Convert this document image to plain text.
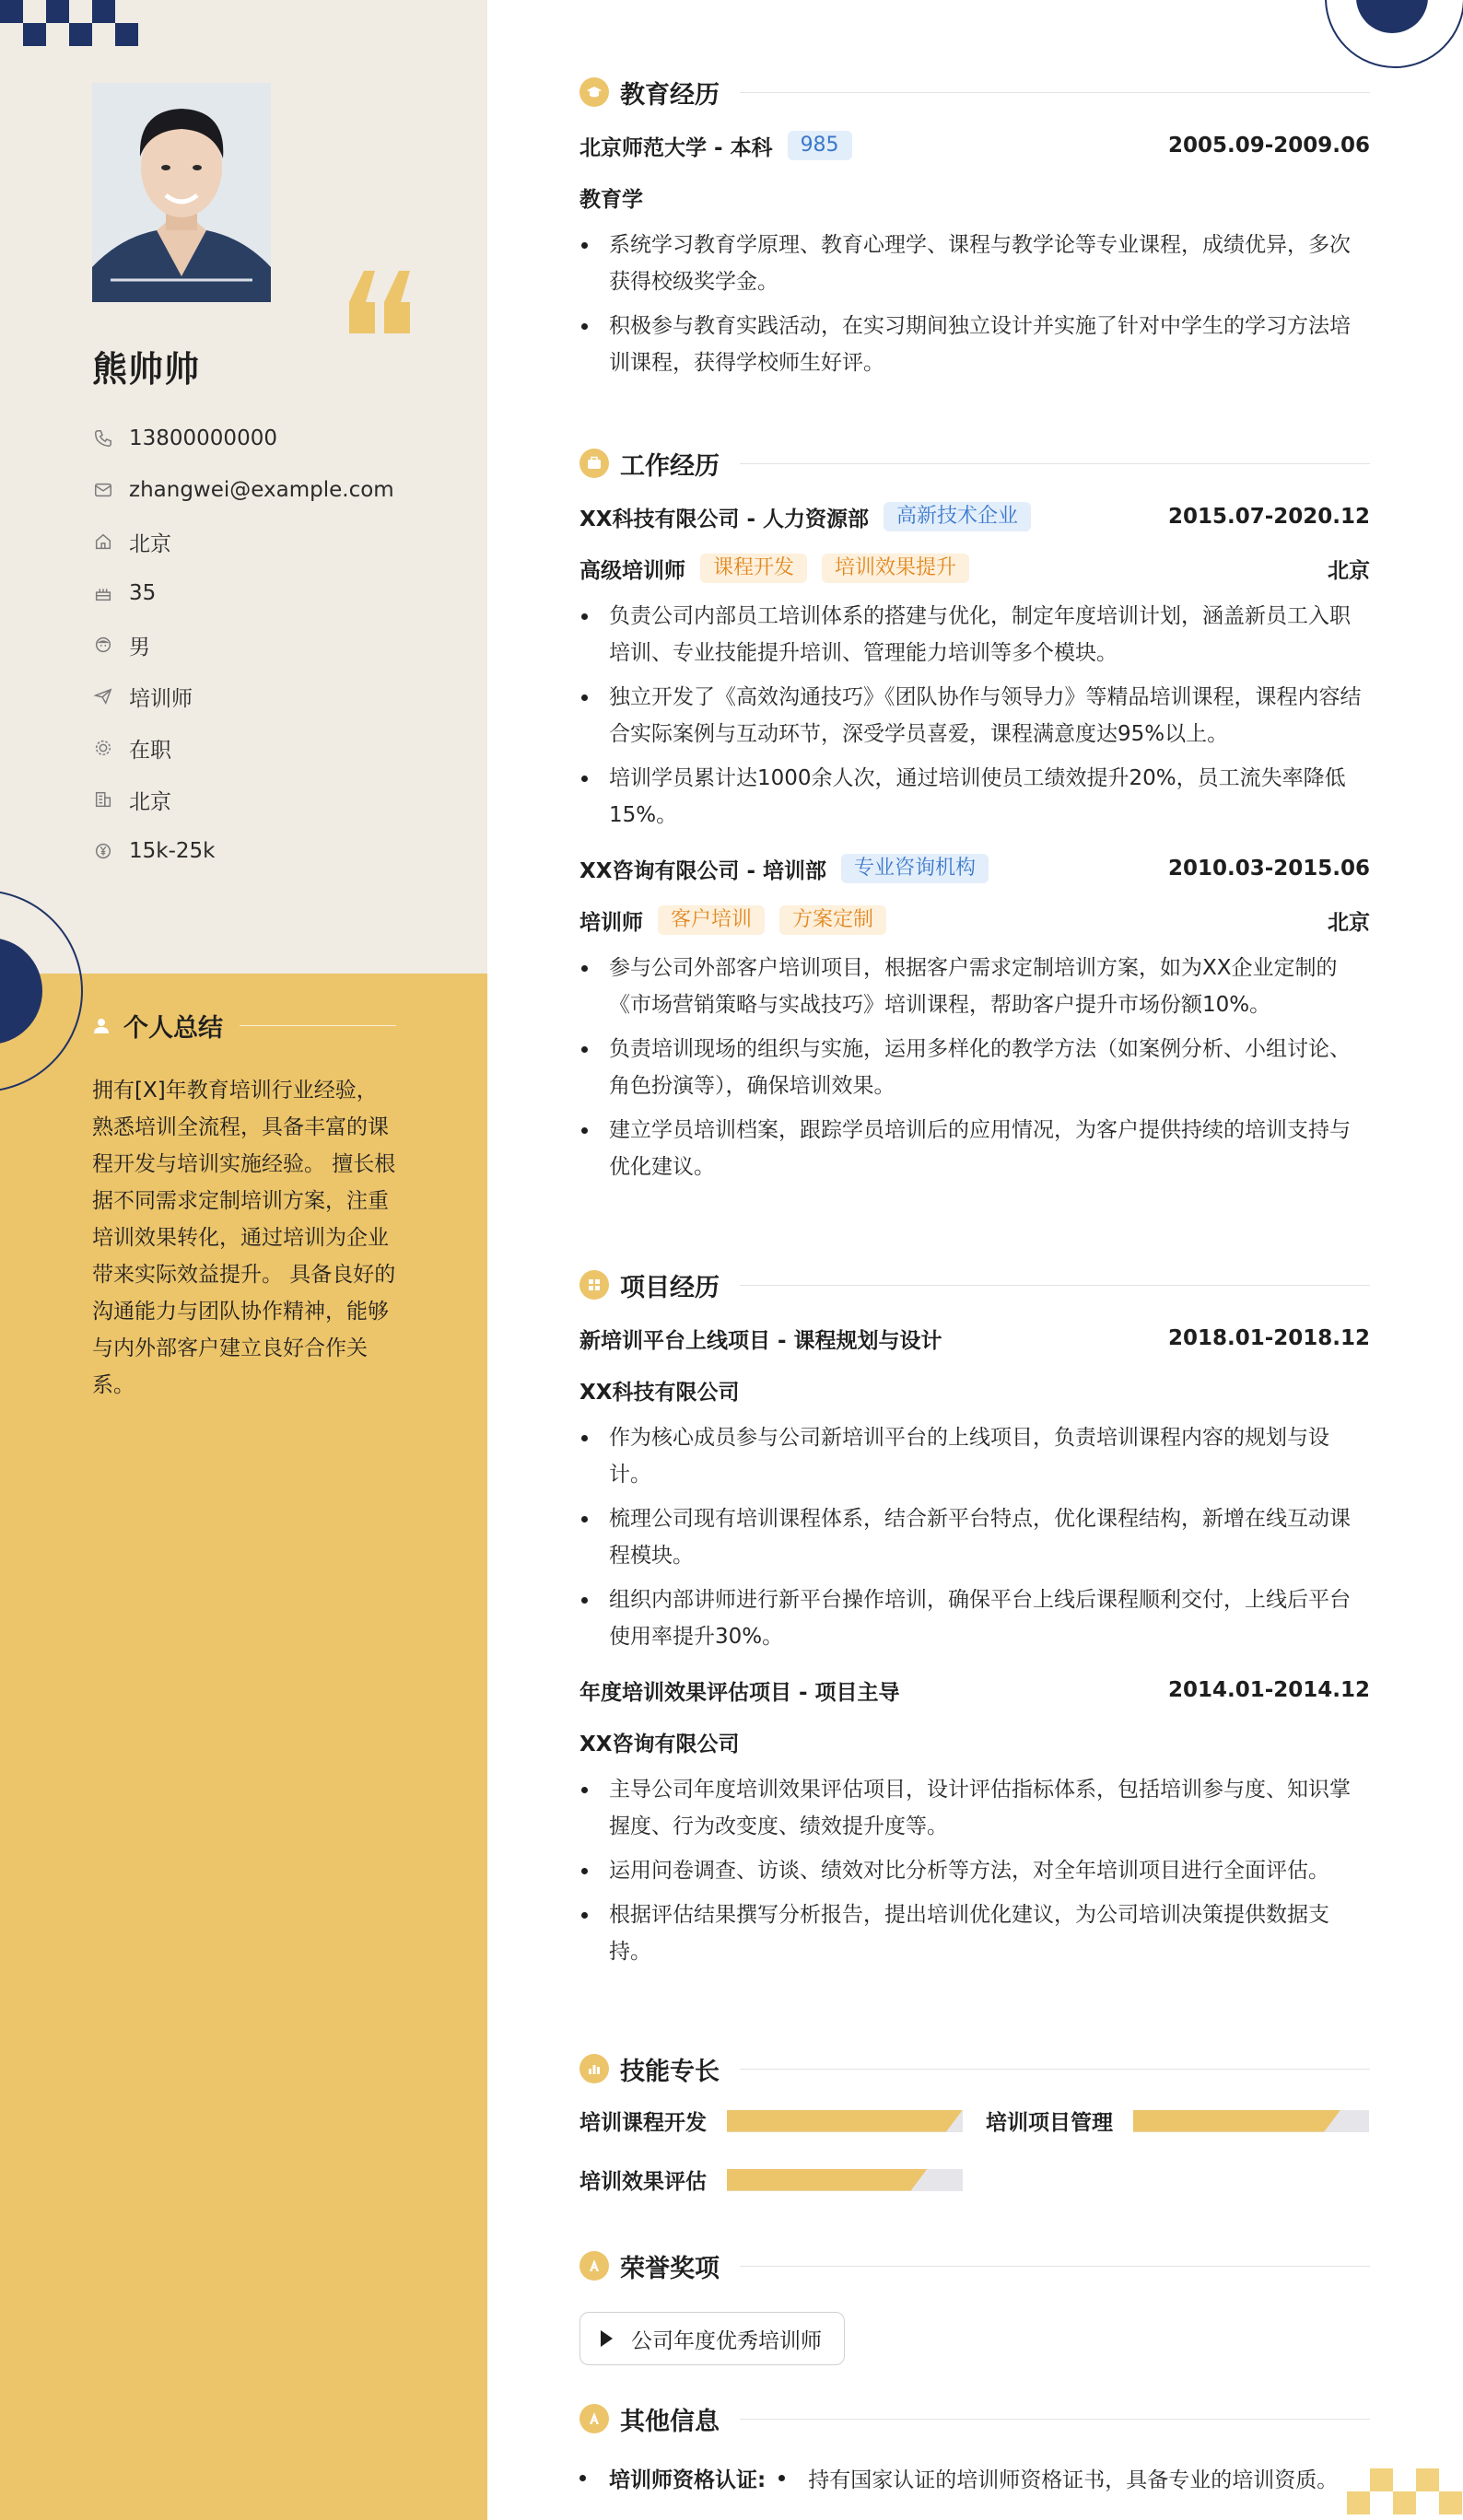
熊帅帅
13800000000
zhangwei@example.com
北京
35
男
培训师
在职
北京
15k-25k
个人总结
拥有[X]年教育培训行业经验，熟悉培训全流程，具备丰富的课程开发与培训实施经验。 擅长根据不同需求定制培训方案，注重培训效果转化，通过培训为企业带来实际效益提升。 具备良好的沟通能力与团队协作精神，能够与内外部客户建立良好合作关系。
教育经历
北京师范大学 - 本科	985	2005.09-2009.06
教育学
系统学习教育学原理、教育心理学、课程与教学论等专业课程，成绩优异，多次获得校级奖学金。
积极参与教育实践活动，在实习期间独立设计并实施了针对中学生的学习方法培训课程，获得学校师生好评。
工作经历
XX科技有限公司 - 人力资源部	高新技术企业	2015.07-2020.12
高级培训师	课程开发	培训效果提升	北京
负责公司内部员工培训体系的搭建与优化，制定年度培训计划，涵盖新员工入职培训、专业技能提升培训、管理能力培训等多个模块。
独立开发了《高效沟通技巧》《团队协作与领导力》等精品培训课程，课程内容结合实际案例与互动环节，深受学员喜爱，课程满意度达95%以上。
培训学员累计达1000余人次，通过培训使员工绩效提升20%，员工流失率降低15%。
XX咨询有限公司 - 培训部	专业咨询机构	2010.03-2015.06
培训师	客户培训	方案定制	北京
参与公司外部客户培训项目，根据客户需求定制培训方案，如为XX企业定制的《市场营销策略与实战技巧》培训课程，帮助客户提升市场份额10%。
负责培训现场的组织与实施，运用多样化的教学方法（如案例分析、小组讨论、角色扮演等），确保培训效果。
建立学员培训档案，跟踪学员培训后的应用情况，为客户提供持续的培训支持与优化建议。
项目经历
新培训平台上线项目 - 课程规划与设计	2018.01-2018.12
XX科技有限公司
作为核心成员参与公司新培训平台的上线项目，负责培训课程内容的规划与设计。
梳理公司现有培训课程体系，结合新平台特点，优化课程结构，新增在线互动课程模块。
组织内部讲师进行新平台操作培训，确保平台上线后课程顺利交付，上线后平台使用率提升30%。
年度培训效果评估项目 - 项目主导	2014.01-2014.12
XX咨询有限公司
主导公司年度培训效果评估项目，设计评估指标体系，包括培训参与度、知识掌握度、行为改变度、绩效提升度等。
运用问卷调查、访谈、绩效对比分析等方法，对全年培训项目进行全面评估。
根据评估结果撰写分析报告，提出培训优化建议，为公司培训决策提供数据支持。
技能专长
培训课程开发	培训项目管理
培训效果评估
荣誉奖项
公司年度优秀培训师
其他信息
培训师资格认证: 持有国家认证的培训师资格证书，具备专业的培训资质。
